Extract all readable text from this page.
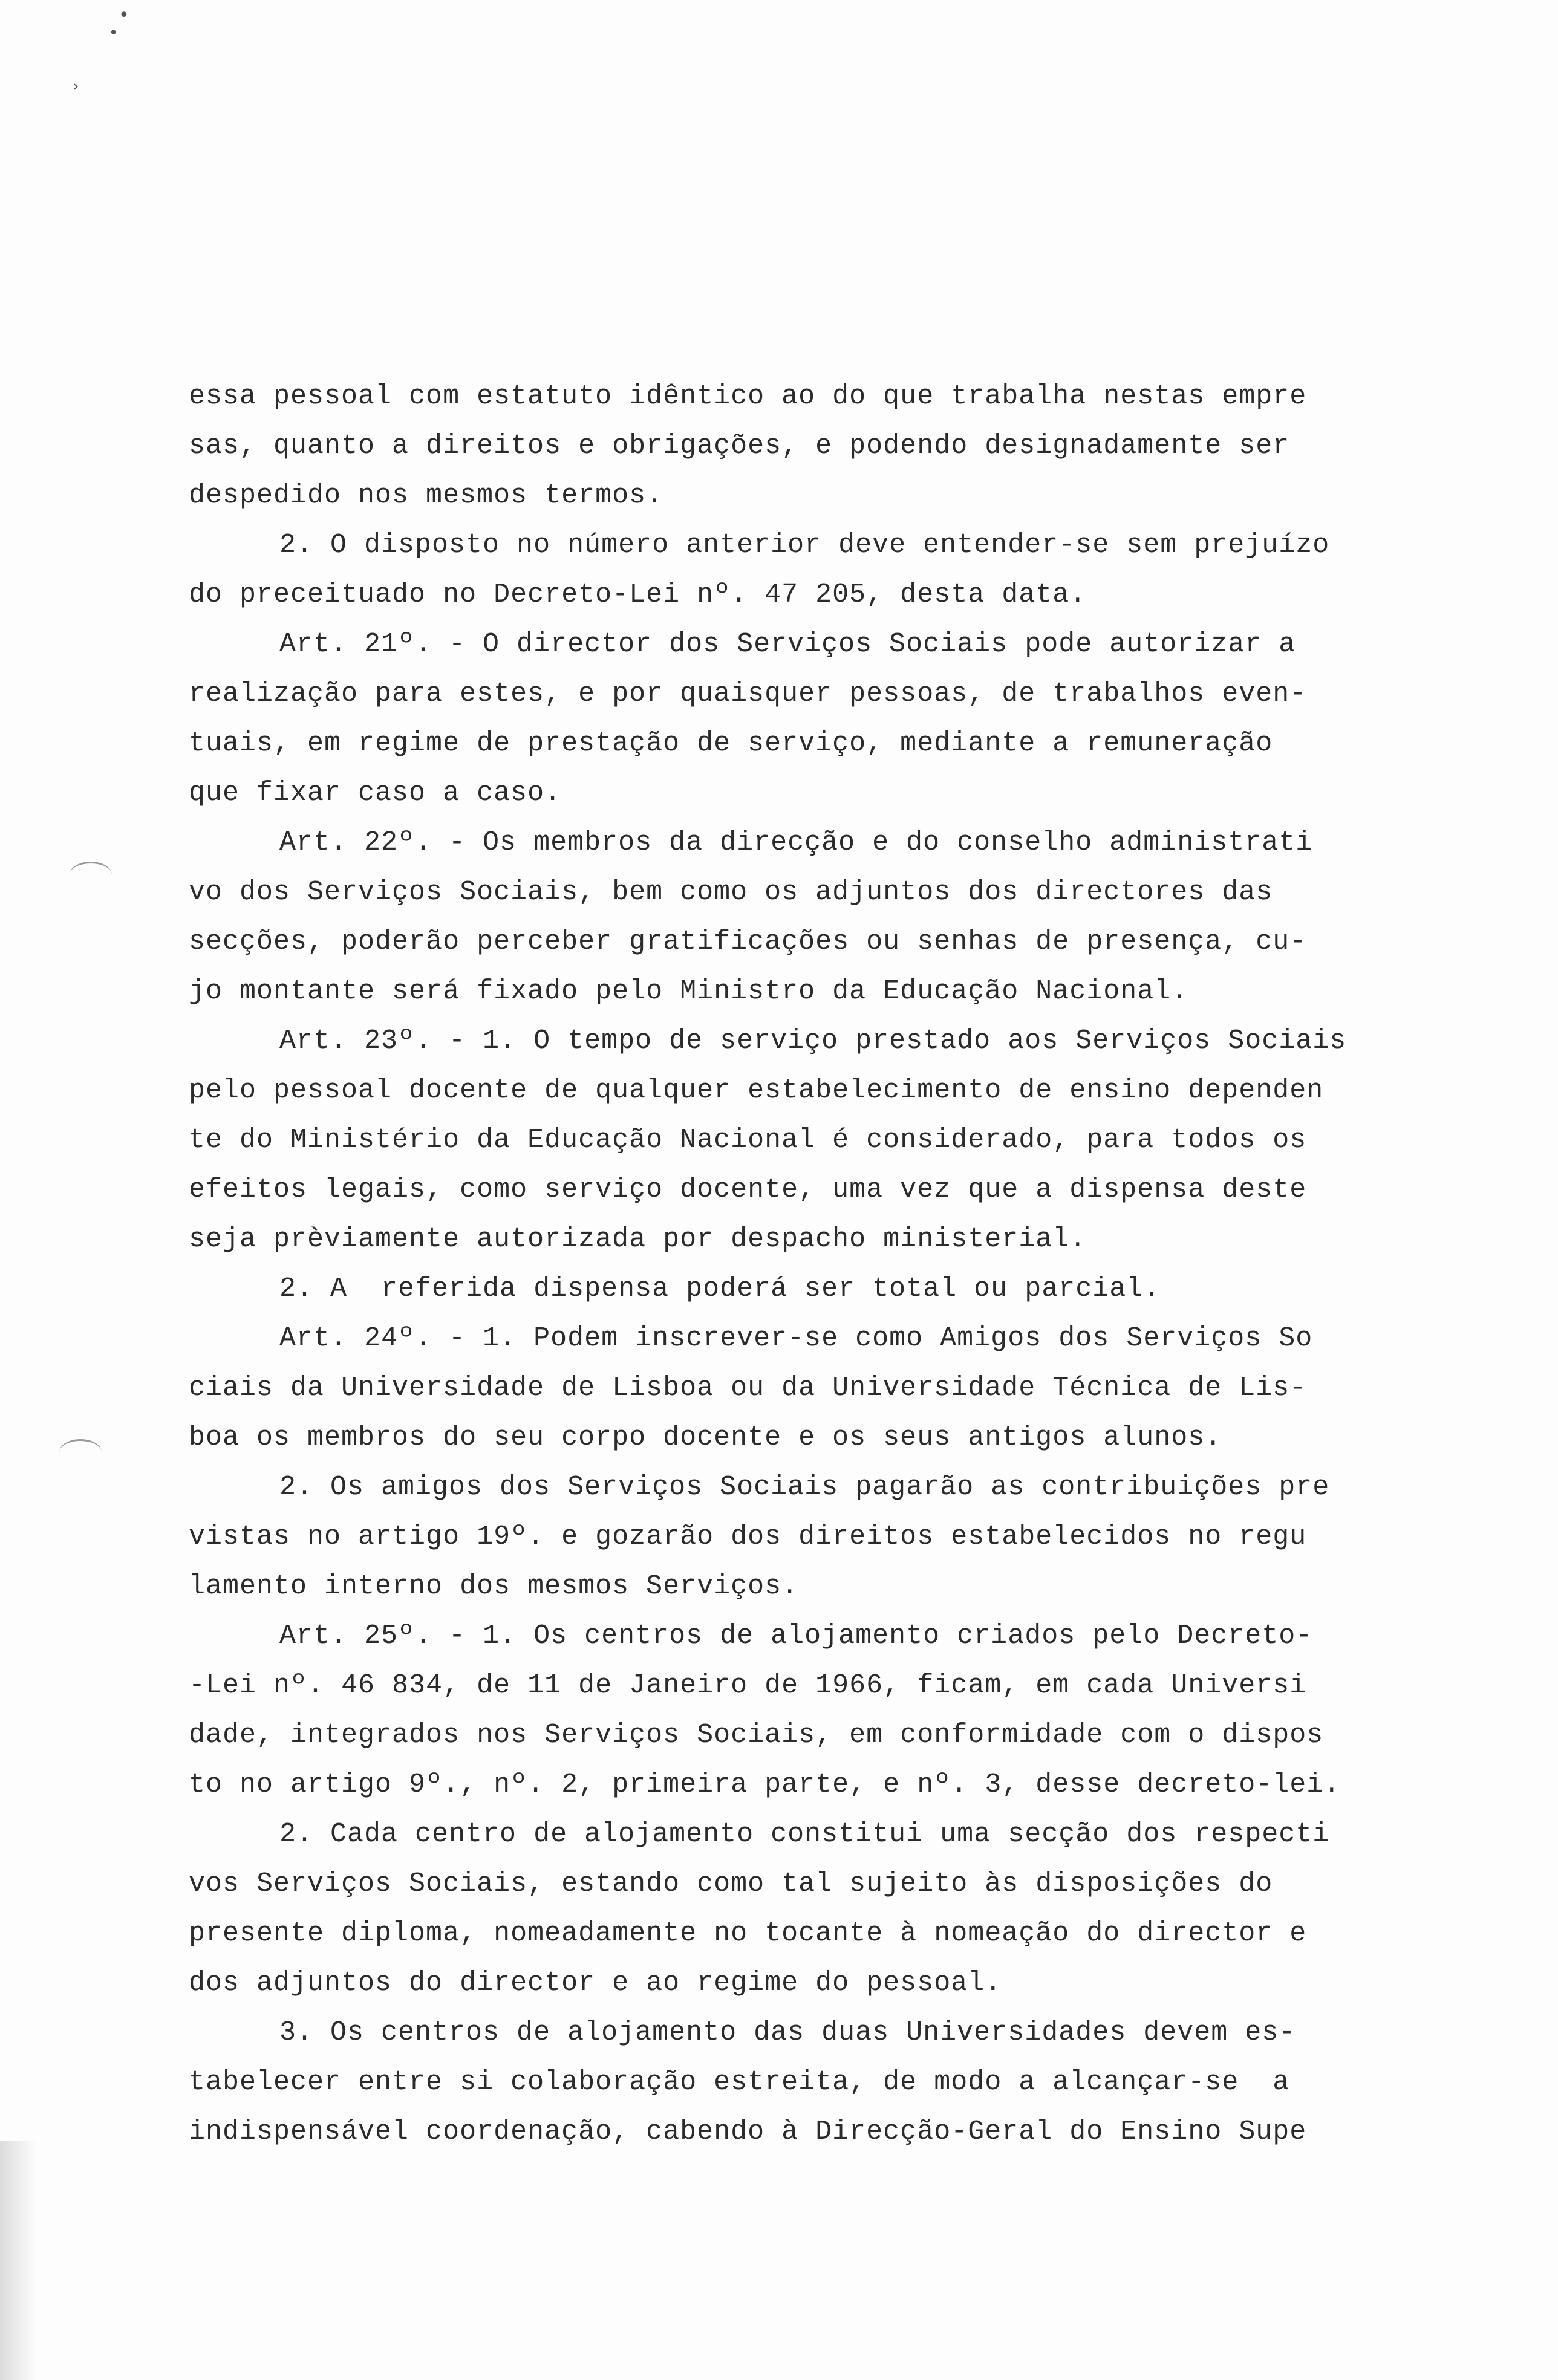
•
•
›
essa pessoal com estatuto idêntico ao do que trabalha nestas empre
sas, quanto a direitos e obrigações, e podendo designadamente ser
despedido nos mesmos termos.
2. O disposto no número anterior deve entender-se sem prejuízo
do preceituado no Decreto-Lei nº. 47 205, desta data.
Art. 21º. - O director dos Serviços Sociais pode autorizar a
realização para estes, e por quaisquer pessoas, de trabalhos even-
tuais, em regime de prestação de serviço, mediante a remuneração
que fixar caso a caso.
Art. 22º. - Os membros da direcção e do conselho administrati
vo dos Serviços Sociais, bem como os adjuntos dos directores das
secções, poderão perceber gratificações ou senhas de presença, cu-
jo montante será fixado pelo Ministro da Educação Nacional.
Art. 23º. - 1. O tempo de serviço prestado aos Serviços Sociais
pelo pessoal docente de qualquer estabelecimento de ensino dependen
te do Ministério da Educação Nacional é considerado, para todos os
efeitos legais, como serviço docente, uma vez que a dispensa deste
seja prèviamente autorizada por despacho ministerial.
2. A  referida dispensa poderá ser total ou parcial.
Art. 24º. - 1. Podem inscrever-se como Amigos dos Serviços So
ciais da Universidade de Lisboa ou da Universidade Técnica de Lis-
boa os membros do seu corpo docente e os seus antigos alunos.
2. Os amigos dos Serviços Sociais pagarão as contribuições pre
vistas no artigo 19º. e gozarão dos direitos estabelecidos no regu
lamento interno dos mesmos Serviços.
Art. 25º. - 1. Os centros de alojamento criados pelo Decreto-
-Lei nº. 46 834, de 11 de Janeiro de 1966, ficam, em cada Universi
dade, integrados nos Serviços Sociais, em conformidade com o dispos
to no artigo 9º., nº. 2, primeira parte, e nº. 3, desse decreto-lei.
2. Cada centro de alojamento constitui uma secção dos respecti
vos Serviços Sociais, estando como tal sujeito às disposições do
presente diploma, nomeadamente no tocante à nomeação do director e
dos adjuntos do director e ao regime do pessoal.
3. Os centros de alojamento das duas Universidades devem es-
tabelecer entre si colaboração estreita, de modo a alcançar-se  a
indispensável coordenação, cabendo à Direcção-Geral do Ensino Supe
